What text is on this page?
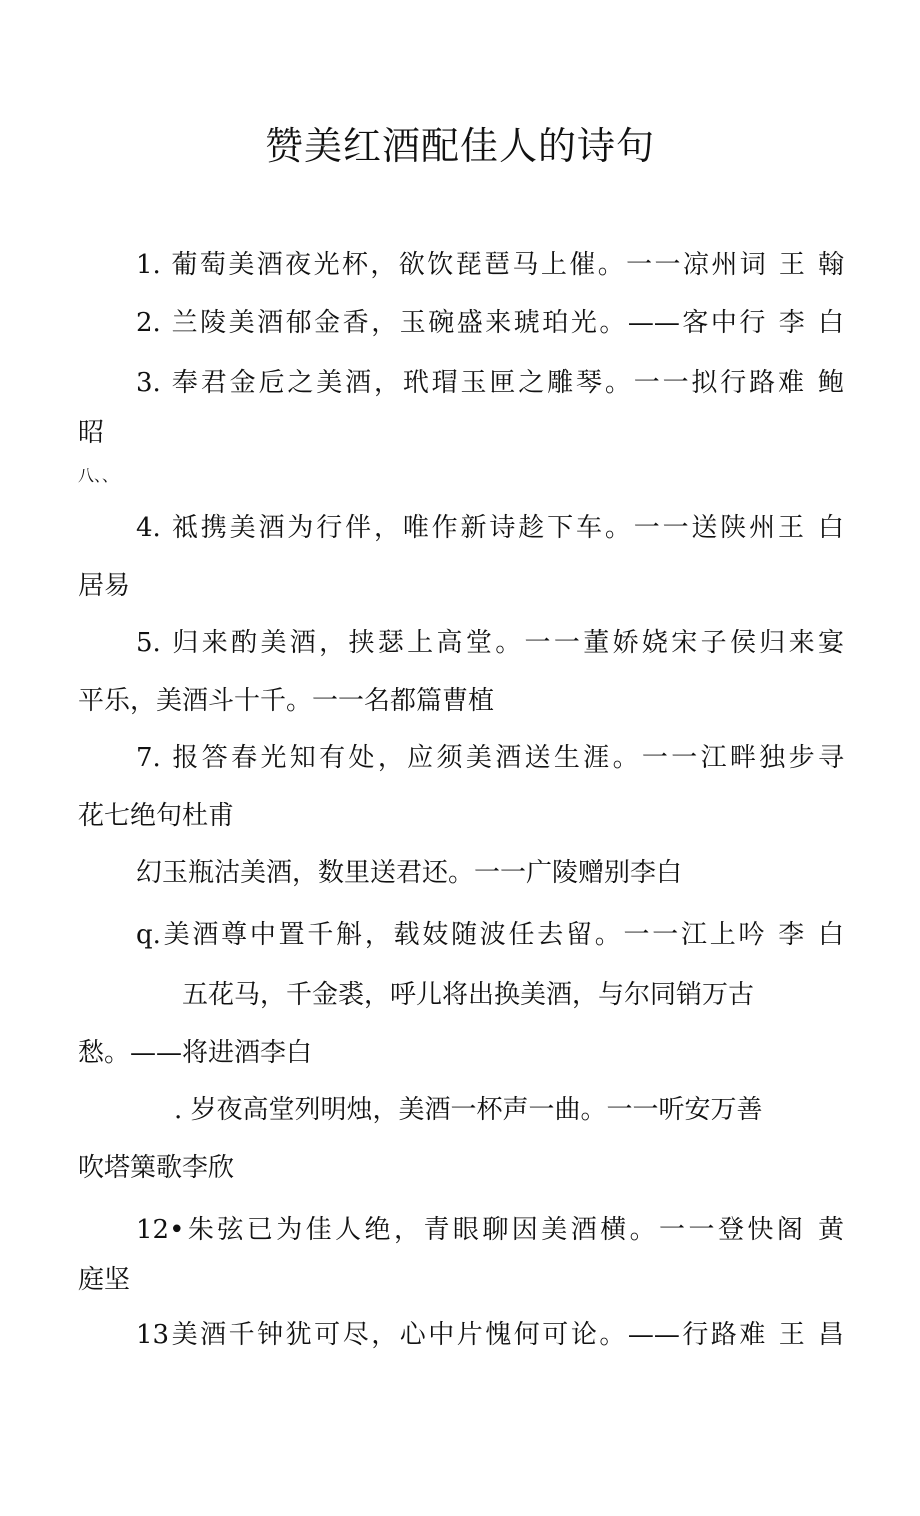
赞美红酒配佳人的诗句
1. 葡萄美酒夜光杯，欲饮琵琶马上催。一一凉州词 王 翰
2. 兰陵美酒郁金香，玉碗盛来琥珀光。——客中行 李 白
3. 奉君金卮之美酒，玳瑁玉匣之雕琴。一一拟行路难 鲍
昭
八、、
4. 祗携美酒为行伴，唯作新诗趁下车。一一送陕州王 白
居易
5. 归来酌美酒，挟瑟上高堂。一一董娇娆宋子侯归来宴
平乐，美酒斗十千。一一名都篇曹植
7. 报答春光知有处，应须美酒送生涯。一一江畔独步寻
花七绝句杜甫
幻玉瓶沽美酒，数里送君还。一一广陵赠别李白
q.美酒尊中置千斛，载妓随波任去留。一一江上吟 李 白
五花马，千金裘，呼儿将出换美酒，与尔同销万古
愁。——将进酒李白
. 岁夜高堂列明烛，美酒一杯声一曲。一一听安万善
吹塔篥歌李欣
12•朱弦已为佳人绝，青眼聊因美酒横。一一登快阁 黄
庭坚
13美酒千钟犹可尽，心中片愧何可论。——行路难 王 昌
